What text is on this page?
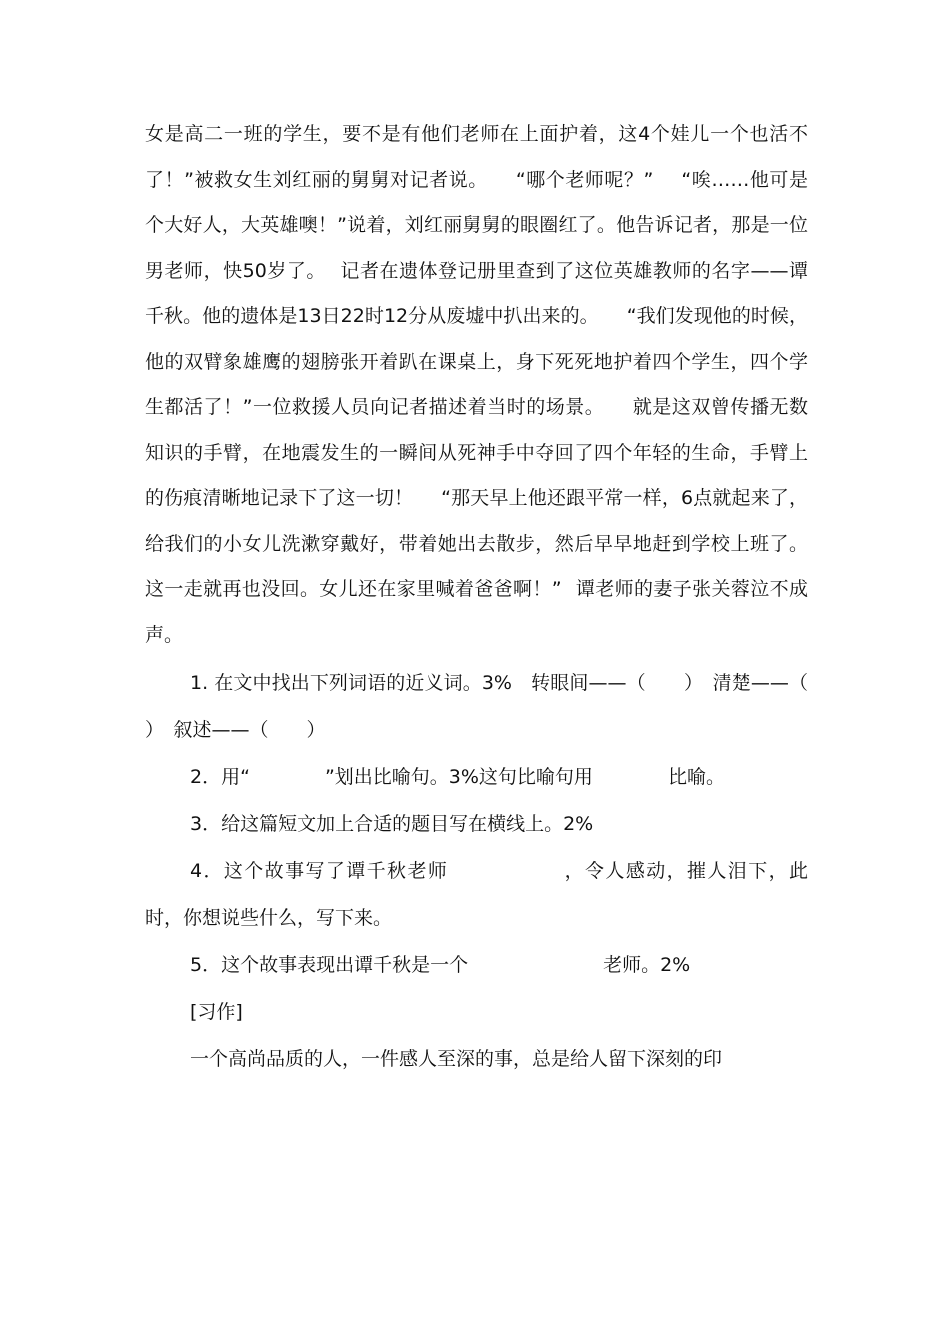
女是高二一班的学生，要不是有他们老师在上面护着，这4个娃儿一个也活不了！”被救女生刘红丽的舅舅对记者说。 “哪个老师呢？” “唉……他可是个大好人，大英雄噢！”说着，刘红丽舅舅的眼圈红了。他告诉记者，那是一位男老师，快50岁了。 记者在遗体登记册里查到了这位英雄教师的名字——谭千秋。他的遗体是13日22时12分从废墟中扒出来的。 “我们发现他的时候，他的双臂象雄鹰的翅膀张开着趴在课桌上，身下死死地护着四个学生，四个学生都活了！”一位救援人员向记者描述着当时的场景。 就是这双曾传播无数知识的手臂，在地震发生的一瞬间从死神手中夺回了四个年轻的生命，手臂上的伤痕清晰地记录下了这一切！ “那天早上他还跟平常一样，6点就起来了，给我们的小女儿洗漱穿戴好，带着她出去散步，然后早早地赶到学校上班了。这一走就再也没回。女儿还在家里喊着爸爸啊！” 谭老师的妻子张关蓉泣不成声。

1. 在文中找出下列词语的近义词。3%　转眼间——（　　）　清楚——（　　）　叙述——（　　）

2．用“	”划出比喻句。3%这句比喻句用	比喻。

3．给这篇短文加上合适的题目写在横线上。2%

4．这个故事写了谭千秋老师	，令人感动，摧人泪下，此时，你想说些什么，写下来。

5．这个故事表现出谭千秋是一个	老师。2%

[习作]

一个高尚品质的人，一件感人至深的事，总是给人留下深刻的印
